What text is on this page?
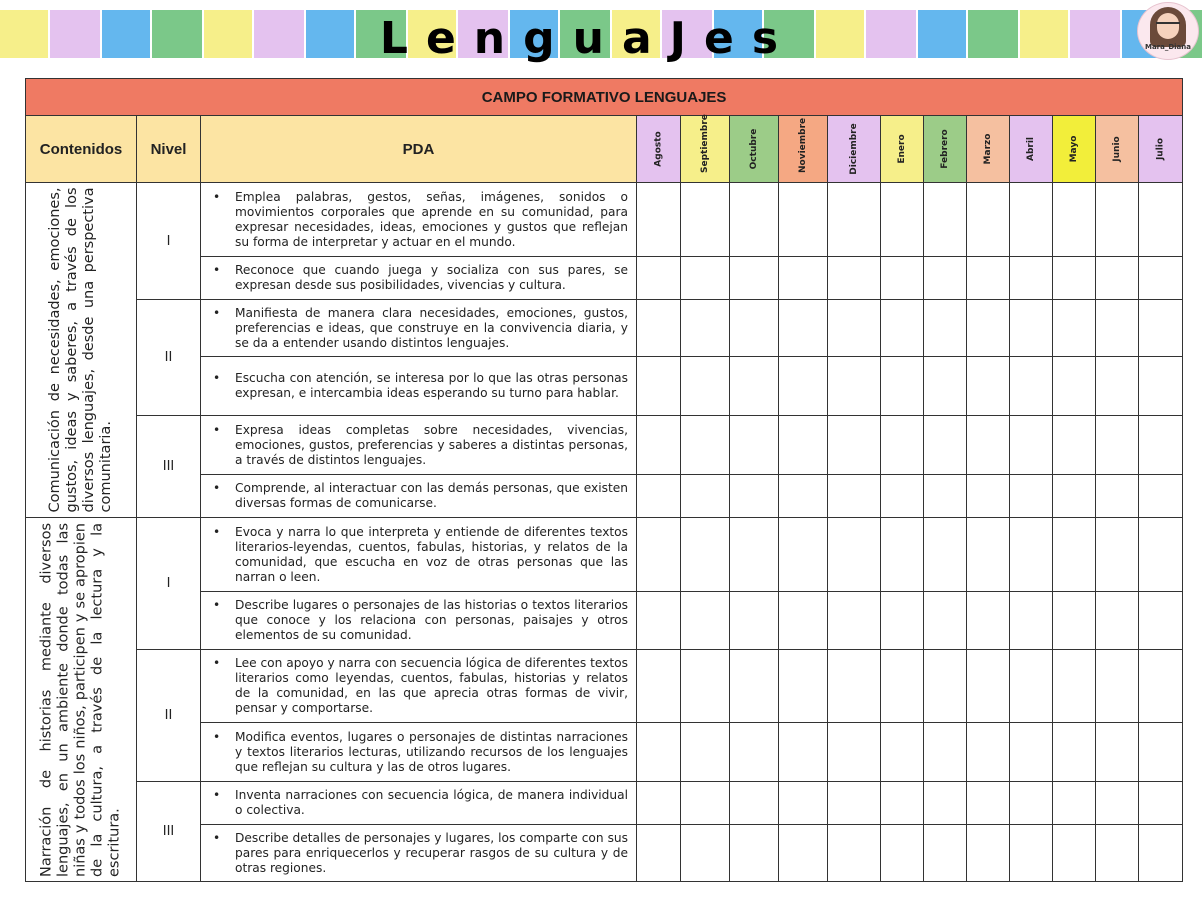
L e n g u a J e s	Mara_Diana
CAMPO FORMATIVO LENGUAJES														
Contenidos	Nivel	PDA	Agosto	Septiembre	Octubre	Noviembre	Diciembre	Enero	Febrero	Marzo	Abril	Mayo	Junio	Julio

Comunicación de necesidades, emociones, gustos, ideas y saberes, a través de los diversos lenguajes, desde una perspectiva comunitaria.	I	• Emplea palabras, gestos, señas, imágenes, sonidos o movimientos corporales que aprende en su comunidad, para expresar necesidades, ideas, emociones y gustos que reflejan su forma de interpretar y actuar en el mundo.												

		• Reconoce que cuando juega y socializa con sus pares, se expresan desde sus posibilidades, vivencias y cultura.												

	II	• Manifiesta de manera clara necesidades, emociones, gustos, preferencias e ideas, que construye en la convivencia diaria, y se da a entender usando distintos lenguajes.												

		• Escucha con atención, se interesa por lo que las otras personas expresan, e intercambia ideas esperando su turno para hablar.												

	III	• Expresa ideas completas sobre necesidades, vivencias, emociones, gustos, preferencias y saberes a distintas personas, a través de distintos lenguajes.												

		• Comprende, al interactuar con las demás personas, que existen diversas formas de comunicarse.												

Narración de historias mediante diversos lenguajes, en un ambiente donde todas las niñas y todos los niños, participen y se apropien de la cultura, a través de la lectura y la escritura.	I	• Evoca y narra lo que interpreta y entiende de diferentes textos literarios-leyendas, cuentos, fabulas, historias, y relatos de la comunidad, que escucha en voz de otras personas que las narran o leen.												

		• Describe lugares o personajes de las historias o textos literarios que conoce y los relaciona con personas, paisajes y otros elementos de su comunidad.												

	II	• Lee con apoyo y narra con secuencia lógica de diferentes textos literarios como leyendas, cuentos, fabulas, historias y relatos de la comunidad, en las que aprecia otras formas de vivir, pensar y comportarse.												

		• Modifica eventos, lugares o personajes de distintas narraciones y textos literarios lecturas, utilizando recursos de los lenguajes que reflejan su cultura y las de otros lugares.												

	III	• Inventa narraciones con secuencia lógica, de manera individual o colectiva.												

		• Describe detalles de personajes y lugares, los comparte con sus pares para enriquecerlos y recuperar rasgos de su cultura y de otras regiones.												
